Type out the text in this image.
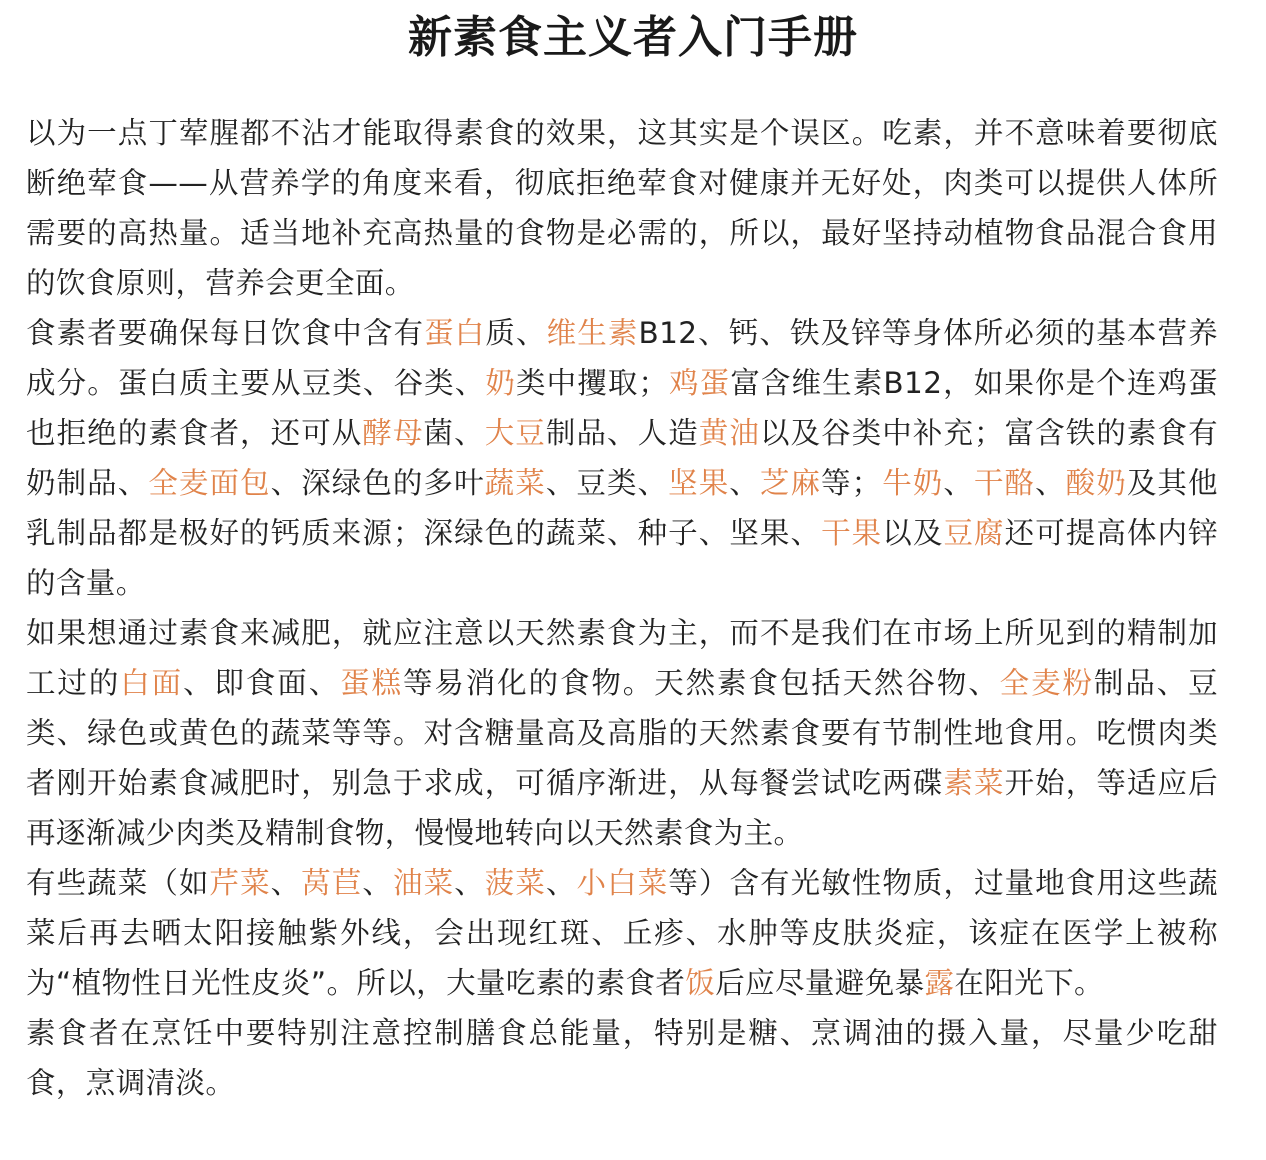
新素食主义者入门手册

以为一点丁荤腥都不沾才能取得素食的效果，这其实是个误区。吃素，并不意味着要彻底断绝荤食——从营养学的角度来看，彻底拒绝荤食对健康并无好处，肉类可以提供人体所需要的高热量。适当地补充高热量的食物是必需的，所以，最好坚持动植物食品混合食用的饮食原则，营养会更全面。

食素者要确保每日饮食中含有蛋白质、维生素B12、钙、铁及锌等身体所必须的基本营养成分。蛋白质主要从豆类、谷类、奶类中攫取；鸡蛋富含维生素B12，如果你是个连鸡蛋也拒绝的素食者，还可从酵母菌、大豆制品、人造黄油以及谷类中补充；富含铁的素食有奶制品、全麦面包、深绿色的多叶蔬菜、豆类、坚果、芝麻等；牛奶、干酪、酸奶及其他乳制品都是极好的钙质来源；深绿色的蔬菜、种子、坚果、干果以及豆腐还可提高体内锌的含量。

如果想通过素食来减肥，就应注意以天然素食为主，而不是我们在市场上所见到的精制加工过的白面、即食面、蛋糕等易消化的食物。天然素食包括天然谷物、全麦粉制品、豆类、绿色或黄色的蔬菜等等。对含糖量高及高脂的天然素食要有节制性地食用。吃惯肉类者刚开始素食减肥时，别急于求成，可循序渐进，从每餐尝试吃两碟素菜开始，等适应后再逐渐减少肉类及精制食物，慢慢地转向以天然素食为主。

有些蔬菜（如芹菜、莴苣、油菜、菠菜、小白菜等）含有光敏性物质，过量地食用这些蔬菜后再去晒太阳接触紫外线，会出现红斑、丘疹、水肿等皮肤炎症，该症在医学上被称为“植物性日光性皮炎”。所以，大量吃素的素食者饭后应尽量避免暴露在阳光下。

素食者在烹饪中要特别注意控制膳食总能量，特别是糖、烹调油的摄入量，尽量少吃甜食，烹调清淡。
